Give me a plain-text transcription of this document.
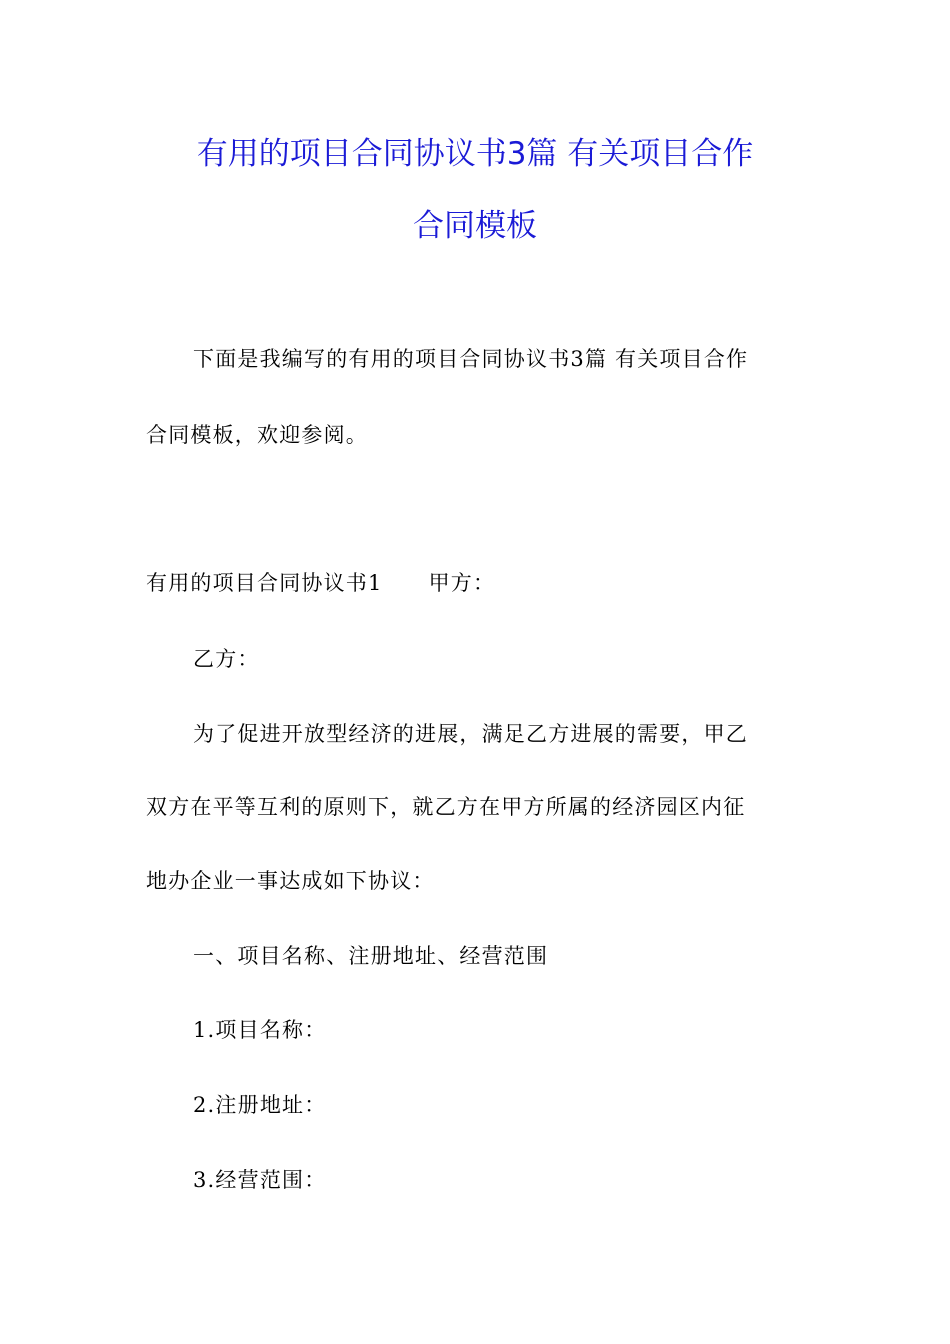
有用的项目合同协议书3篇 有关项目合作
合同模板
下面是我编写的有用的项目合同协议书3篇 有关项目合作
合同模板，欢迎参阅。
有用的项目合同协议书1 甲方：
乙方：
为了促进开放型经济的进展，满足乙方进展的需要，甲乙
双方在平等互利的原则下，就乙方在甲方所属的经济园区内征
地办企业一事达成如下协议：
一、项目名称、注册地址、经营范围
1.项目名称：
2.注册地址：
3.经营范围：
